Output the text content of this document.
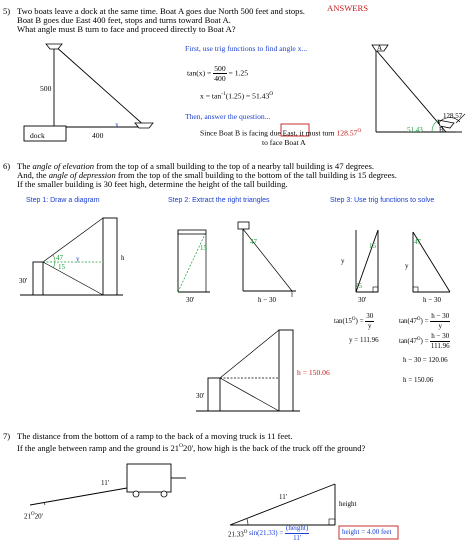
ANSWERS
5) Two boats leave a dock at the same time. Boat A goes due North 500 feet and stops.
Boat B goes due East 400 feet, stops and turns toward Boat A.
What angle must B turn to face and proceed directly to Boat A?
500
400
dock
x
First, use trig functions to find angle x...
$\tan(x) = \frac{500}{400} = 1.25$
$x = \tan^{-1}(1.25) = 51.43^O$
Then, answer the question...
Since Boat B is facing due East, it must turn $128.57^O$
to face Boat A
A
B
128.57
51.43
6) The angle of elevation from the top of a small building to the top of a nearby tall building is 47 degrees.
And, the angle of depression from the top of the small building to the bottom of the tall building is 15 degrees.
If the smaller building is 30 feet high, determine the height of the tall building.
Step 1: Draw a diagram	Step 2: Extract the right triangles	Step 3: Use trig functions to solve
h
30'
47
15
y
30'
15
47
h − 30
30'
h = 150.06
30'
15
75
y
47
y
h − 30
$\tan(15^O) = \frac{30}{y}$
y = 111.96
$\tan(47^O) = \frac{h - 30}{y}$
$\tan(47^O) = \frac{h - 30}{111.96}$
h − 30 = 120.06
h = 150.06
7) The distance from the bottom of a ramp to the back of a moving truck is 11 feet.
If the angle between ramp and the ground is $21^O20'$, how high is the back of the truck off the ground?
11'
$21^O20'$
11'
height
$21.33^O$ $\sin(21.33) = \frac{\text{(height)}}{11'}$	height = 4.00 feet
